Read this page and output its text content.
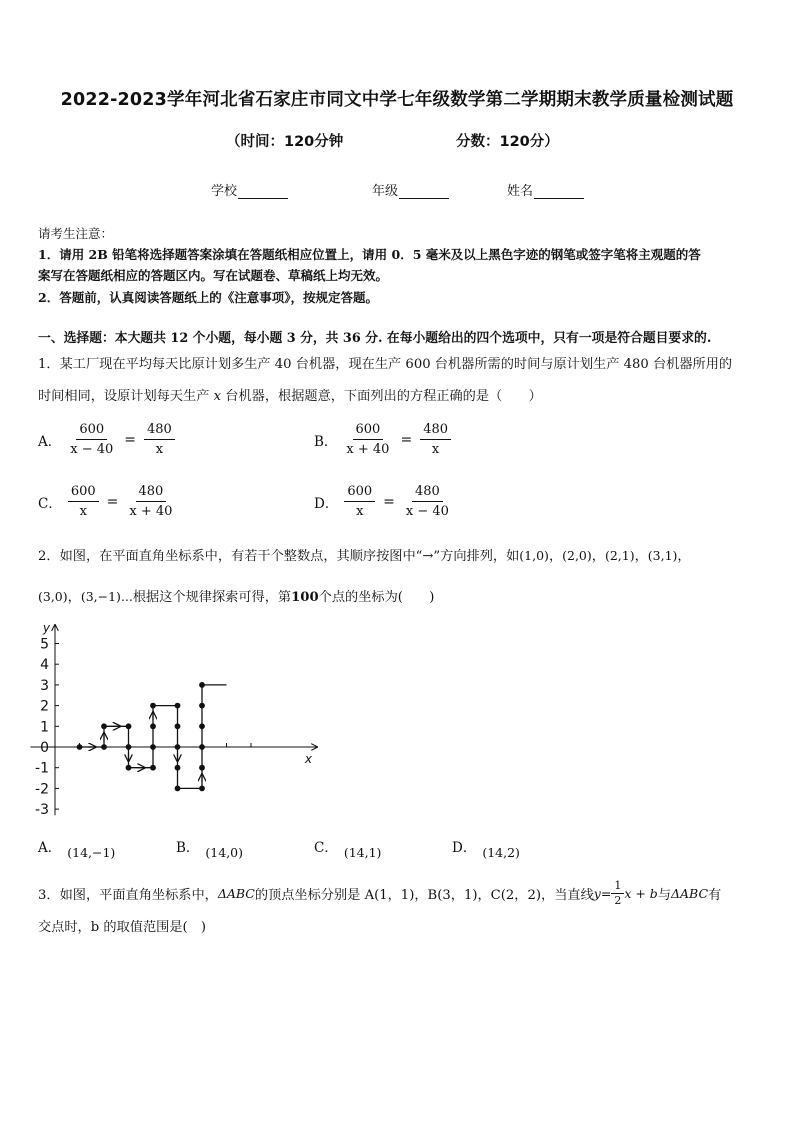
2022-2023学年河北省石家庄市同文中学七年级数学第二学期期末教学质量检测试题
（时间：120分钟	分数：120分）
学校	年级	姓名
请考生注意：
1．请用 2B 铅笔将选择题答案涂填在答题纸相应位置上，请用 0．5 毫米及以上黑色字迹的钢笔或签字笔将主观题的答
案写在答题纸相应的答题区内。写在试题卷、草稿纸上均无效。
2．答题前，认真阅读答题纸上的《注意事项》，按规定答题。
一、选择题：本大题共 12 个小题，每小题 3 分，共 36 分. 在每小题给出的四个选项中，只有一项是符合题目要求的.
1．某工厂现在平均每天比原计划多生产 40 台机器，现在生产 600 台机器所需的时间与原计划生产 480 台机器所用的
时间相同，设原计划每天生产 x 台机器，根据题意，下面列出的方程正确的是（　　）
A． $\frac{600}{x - 40} = \frac{480}{x}$	B． $\frac{600}{x + 40} = \frac{480}{x}$
C． $\frac{600}{x} = \frac{480}{x + 40}$	D． $\frac{600}{x} = \frac{480}{x - 40}$
2．如图，在平面直角坐标系中，有若干个整数点，其顺序按图中“→”方向排列，如(1,0)，(2,0)，(2,1)，(3,1)，
(3,0)，(3,−1)...根据这个规律探索可得，第100个点的坐标为(　　)
5
4
3
2
1
0
-1
-2
-3
x
y
A． (14,−1)	B． (14,0)	C． (14,1)	D． (14,2)
3．如图，平面直角坐标系中， ΔABC 的顶点坐标分别是 A(1，1)，B(3，1)，C(2，2)，当直线 $y = \frac{1}{2}$ x + b 与 ΔABC 有
交点时，b 的取值范围是(　)
